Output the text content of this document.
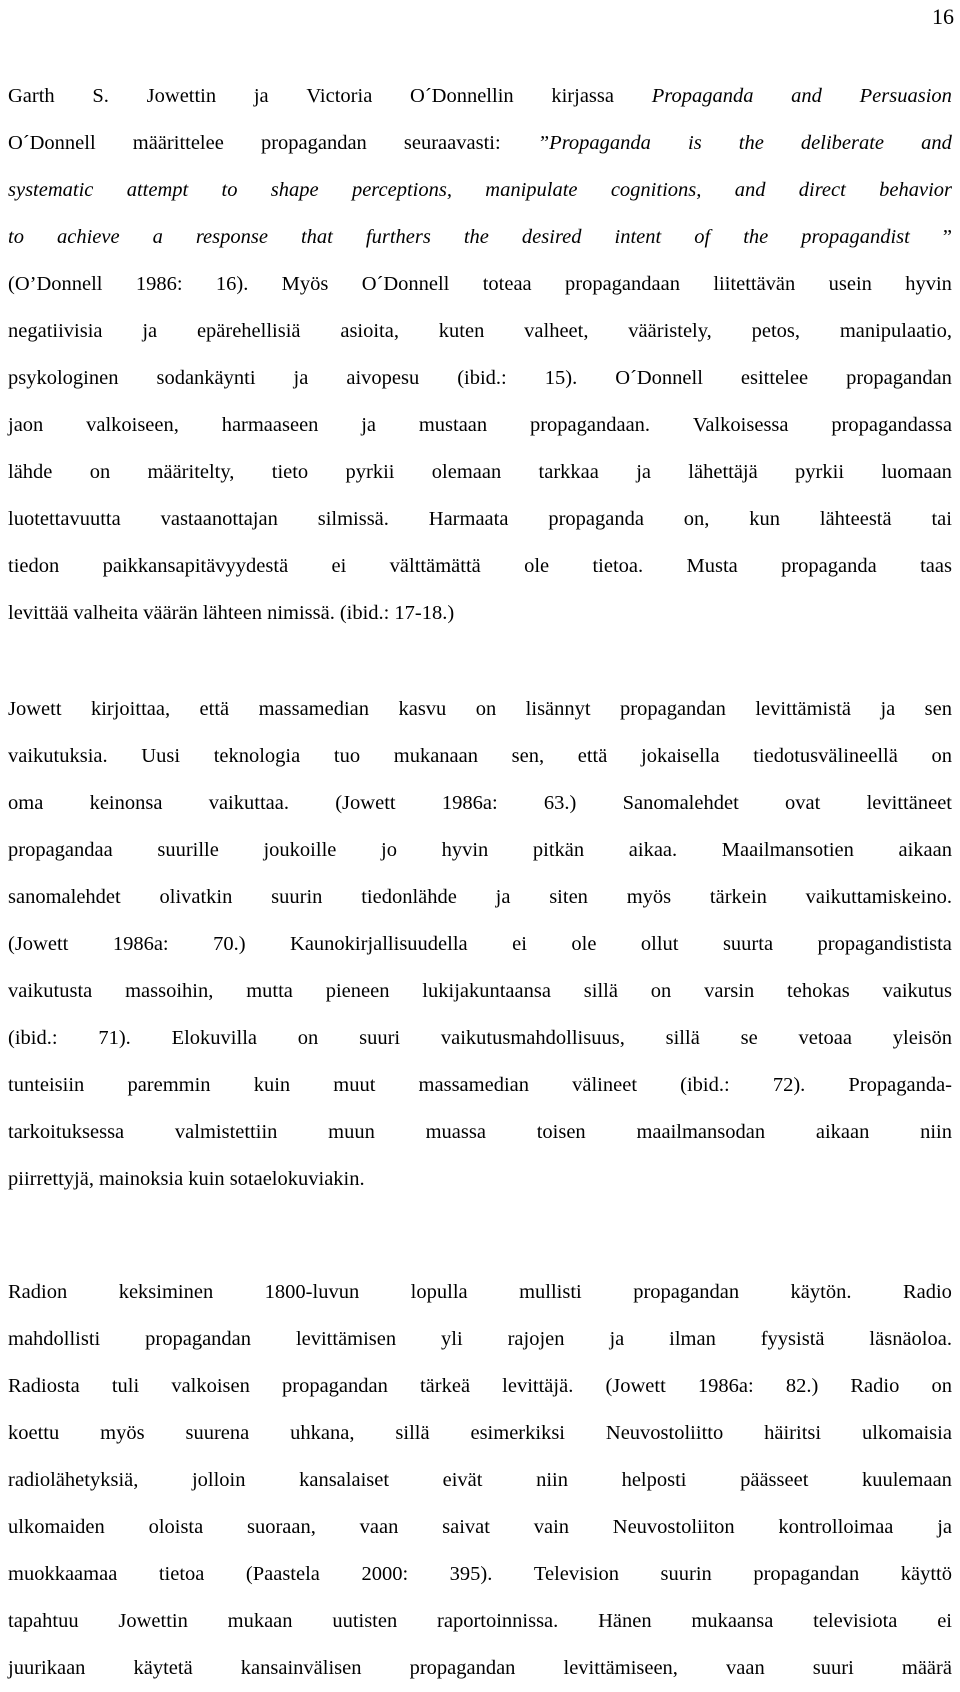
16
Garth S. Jowettin ja Victoria O´Donnellin kirjassa Propaganda and Persuasion
O´Donnell määrittelee propagandan seuraavasti: ”Propaganda is the deliberate and
systematic attempt to shape perceptions, manipulate cognitions, and direct behavior
to achieve a response that furthers the desired intent of the propagandist ”
(O’Donnell 1986: 16). Myös O´Donnell toteaa propagandaan liitettävän usein hyvin
negatiivisia ja epärehellisiä asioita, kuten valheet, vääristely, petos, manipulaatio,
psykologinen sodankäynti ja aivopesu (ibid.: 15). O´Donnell esittelee propagandan
jaon valkoiseen, harmaaseen ja mustaan propagandaan. Valkoisessa propagandassa
lähde on määritelty, tieto pyrkii olemaan tarkkaa ja lähettäjä pyrkii luomaan
luotettavuutta vastaanottajan silmissä. Harmaata propaganda on, kun lähteestä tai
tiedon paikkansapitävyydestä ei välttämättä ole tietoa. Musta propaganda taas
levittää valheita väärän lähteen nimissä. (ibid.: 17-18.)
Jowett kirjoittaa, että massamedian kasvu on lisännyt propagandan levittämistä ja sen
vaikutuksia. Uusi teknologia tuo mukanaan sen, että jokaisella tiedotusvälineellä on
oma keinonsa vaikuttaa. (Jowett 1986a: 63.) Sanomalehdet ovat levittäneet
propagandaa suurille joukoille jo hyvin pitkän aikaa. Maailmansotien aikaan
sanomalehdet olivatkin suurin tiedonlähde ja siten myös tärkein vaikuttamiskeino.
(Jowett 1986a: 70.) Kaunokirjallisuudella ei ole ollut suurta propagandistista
vaikutusta massoihin, mutta pieneen lukijakuntaansa sillä on varsin tehokas vaikutus
(ibid.: 71). Elokuvilla on suuri vaikutusmahdollisuus, sillä se vetoaa yleisön
tunteisiin paremmin kuin muut massamedian välineet (ibid.: 72). Propaganda-
tarkoituksessa valmistettiin muun muassa toisen maailmansodan aikaan niin
piirrettyjä, mainoksia kuin sotaelokuviakin.
Radion	keksiminen	1800-luvun	lopulla	mullisti	propagandan	käytön.	Radio
mahdollisti propagandan levittämisen yli rajojen ja ilman fyysistä läsnäoloa.
Radiosta tuli valkoisen propagandan tärkeä levittäjä. (Jowett 1986a: 82.) Radio on
koettu myös suurena uhkana, sillä esimerkiksi Neuvostoliitto häiritsi ulkomaisia
radiolähetyksiä,	jolloin	kansalaiset	eivät	niin	helposti	päässeet	kuulemaan
ulkomaiden oloista suoraan, vaan saivat vain Neuvostoliiton kontrolloimaa ja
muokkaamaa tietoa (Paastela 2000: 395). Television suurin propagandan käyttö
tapahtuu Jowettin mukaan uutisten raportoinnissa. Hänen mukaansa televisiota ei
juurikaan käytetä kansainvälisen propagandan levittämiseen, vaan suuri määrä
